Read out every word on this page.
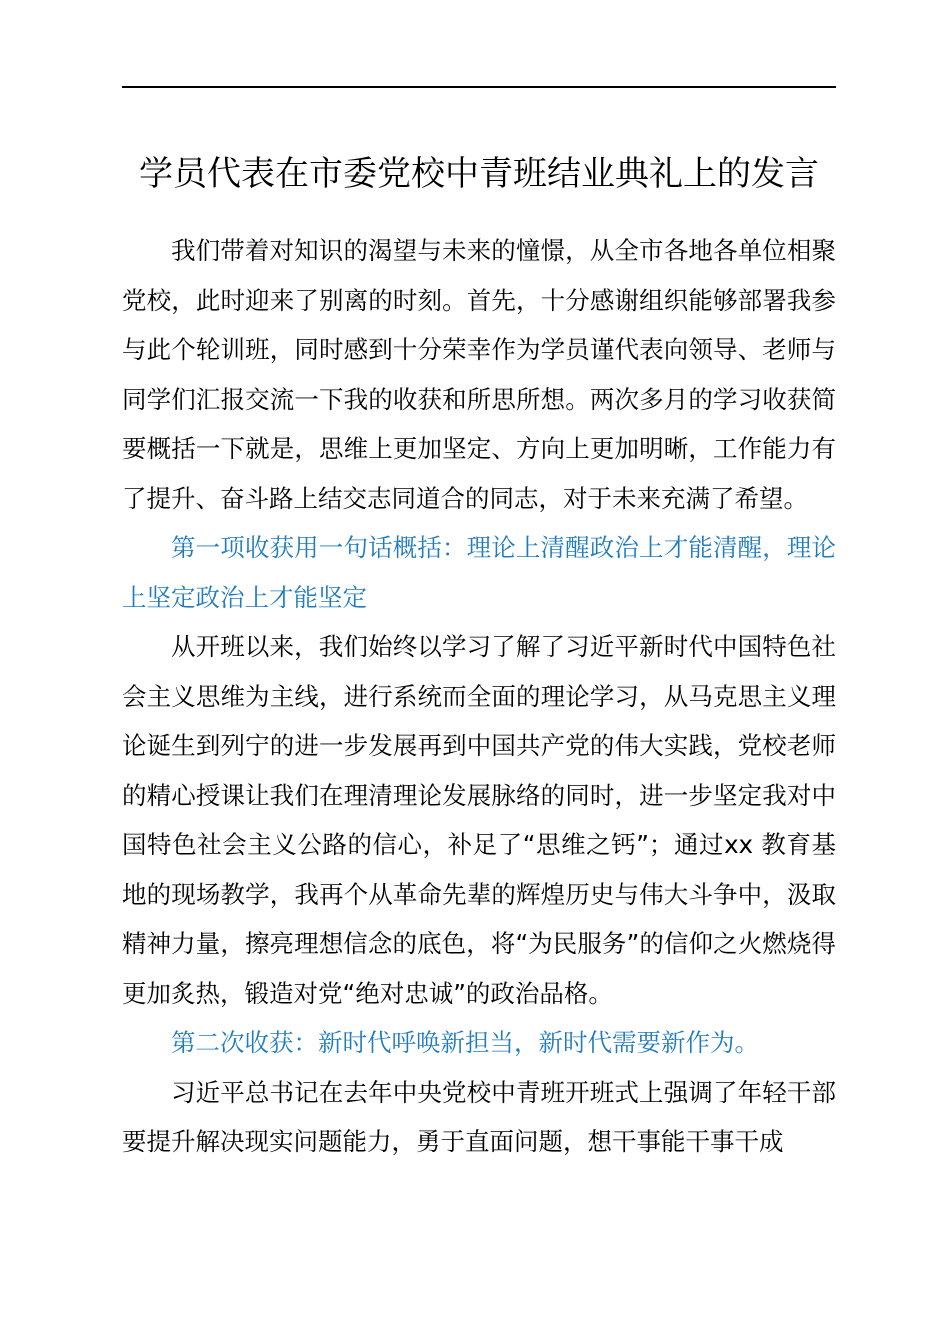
学员代表在市委党校中青班结业典礼上的发言

我们带着对知识的渴望与未来的憧憬，从全市各地各单位相聚党校，此时迎来了别离的时刻。首先，十分感谢组织能够部署我参与此个轮训班，同时感到十分荣幸作为学员谨代表向领导、老师与同学们汇报交流一下我的收获和所思所想。两次多月的学习收获简要概括一下就是，思维上更加坚定、方向上更加明晰，工作能力有了提升、奋斗路上结交志同道合的同志，对于未来充满了希望。

第一项收获用一句话概括：理论上清醒政治上才能清醒，理论上坚定政治上才能坚定

从开班以来，我们始终以学习了解了习近平新时代中国特色社会主义思维为主线，进行系统而全面的理论学习，从马克思主义理论诞生到列宁的进一步发展再到中国共产党的伟大实践，党校老师的精心授课让我们在理清理论发展脉络的同时，进一步坚定我对中国特色社会主义公路的信心，补足了“思维之钙”；通过xx 教育基地的现场教学，我再个从革命先辈的辉煌历史与伟大斗争中，汲取精神力量，擦亮理想信念的底色，将“为民服务”的信仰之火燃烧得更加炙热，锻造对党“绝对忠诚”的政治品格。

第二次收获：新时代呼唤新担当，新时代需要新作为。

习近平总书记在去年中央党校中青班开班式上强调了年轻干部要提升解决现实问题能力，勇于直面问题，想干事能干事干成
